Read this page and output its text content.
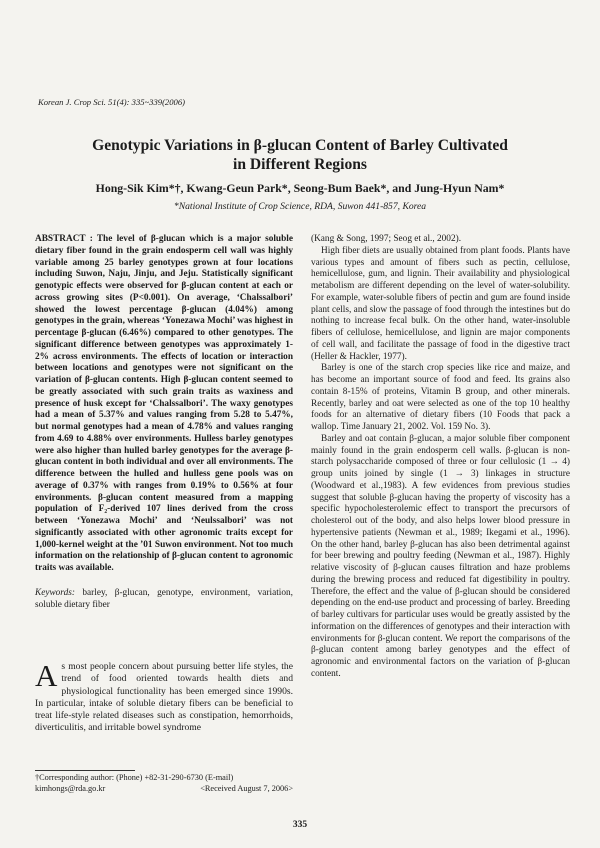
Korean J. Crop Sci. 51(4): 335~339(2006)
Genotypic Variations in β-glucan Content of Barley Cultivated
in Different Regions
Hong-Sik Kim*†, Kwang-Geun Park*, Seong-Bum Baek*, and Jung-Hyun Nam*
*National Institute of Crop Science, RDA, Suwon 441-857, Korea

ABSTRACT : The level of β-glucan which is a major soluble dietary fiber found in the grain endosperm cell wall was highly variable among 25 barley genotypes grown at four locations including Suwon, Naju, Jinju, and Jeju. Statistically significant genotypic effects were observed for β-glucan content at each or across growing sites (P<0.001). On average, ‘Chalssalbori’ showed the lowest percentage β-glucan (4.04%) among genotypes in the grain, whereas ‘Yonezawa Mochi’ was highest in percentage β-glucan (6.46%) compared to other genotypes. The significant difference between genotypes was approximately 1-2% across environments. The effects of location or interaction between locations and genotypes were not significant on the variation of β-glucan contents. High β-glucan content seemed to be greatly associated with such grain traits as waxiness and presence of husk except for ‘Chalssalbori’. The waxy genotypes had a mean of 5.37% and values ranging from 5.28 to 5.47%, but normal genotypes had a mean of 4.78% and values ranging from 4.69 to 4.88% over environments. Hulless barley genotypes were also higher than hulled barley genotypes for the average β-glucan content in both individual and over all environments. The difference between the hulled and hulless gene pools was on average of 0.37% with ranges from 0.19% to 0.56% at four environments. β-glucan content measured from a mapping population of F₂-derived 107 lines derived from the cross between ‘Yonezawa Mochi’ and ‘Neulssalbori’ was not significantly associated with other agronomic traits except for 1,000-kernel weight at the ’01 Suwon environment. Not too much information on the relationship of β-glucan content to agronomic traits was available.

Keywords: barley, β-glucan, genotype, environment, variation, soluble dietary fiber
As most people concern about pursuing better life styles, the trend of food oriented towards health diets and physiological functionality has been emerged since 1990s. In particular, intake of soluble dietary fibers can be beneficial to treat life-style related diseases such as constipation, hemorrhoids, diverticulitis, and irritable bowel syndrome

(Kang & Song, 1997; Seog et al., 2002).

High fiber diets are usually obtained from plant foods. Plants have various types and amount of fibers such as pectin, cellulose, hemicellulose, gum, and lignin. Their availability and physiological metabolism are different depending on the level of water-solubility. For example, water-soluble fibers of pectin and gum are found inside plant cells, and slow the passage of food through the intestines but do nothing to increase fecal bulk. On the other hand, water-insoluble fibers of cellulose, hemicellulose, and lignin are major components of cell wall, and facilitate the passage of food in the digestive tract (Heller & Hackler, 1977).

Barley is one of the starch crop species like rice and maize, and has become an important source of food and feed. Its grains also contain 8-15% of proteins, Vitamin B group, and other minerals. Recently, barley and oat were selected as one of the top 10 healthy foods for an alternative of dietary fibers (10 Foods that pack a wallop. Time January 21, 2002. Vol. 159 No. 3).

Barley and oat contain β-glucan, a major soluble fiber component mainly found in the grain endosperm cell walls. β-glucan is non-starch polysaccharide composed of three or four cellulosic (1 → 4) group units joined by single (1 → 3) linkages in structure (Woodward et al.,1983). A few evidences from previous studies suggest that soluble β-glucan having the property of viscosity has a specific hypocholesterolemic effect to transport the precursors of cholesterol out of the body, and also helps lower blood pressure in hypertensive patients (Newman et al., 1989; Ikegami et al., 1996). On the other hand, barley β-glucan has also been detrimental against for beer brewing and poultry feeding (Newman et al., 1987). Highly relative viscosity of β-glucan causes filtration and haze problems during the brewing process and reduced fat digestibility in poultry. Therefore, the effect and the value of β-glucan should be considered depending on the end-use product and processing of barley. Breeding of barley cultivars for particular uses would be greatly assisted by the information on the differences of genotypes and their interaction with environments for β-glucan content. We report the comparisons of the β-glucan content among barley genotypes and the effect of agronomic and environmental factors on the variation of β-glucan content.

†Corresponding author: (Phone) +82-31-290-6730 (E-mail) kimhongs@rda.go.kr	<Received August 7, 2006>
335
